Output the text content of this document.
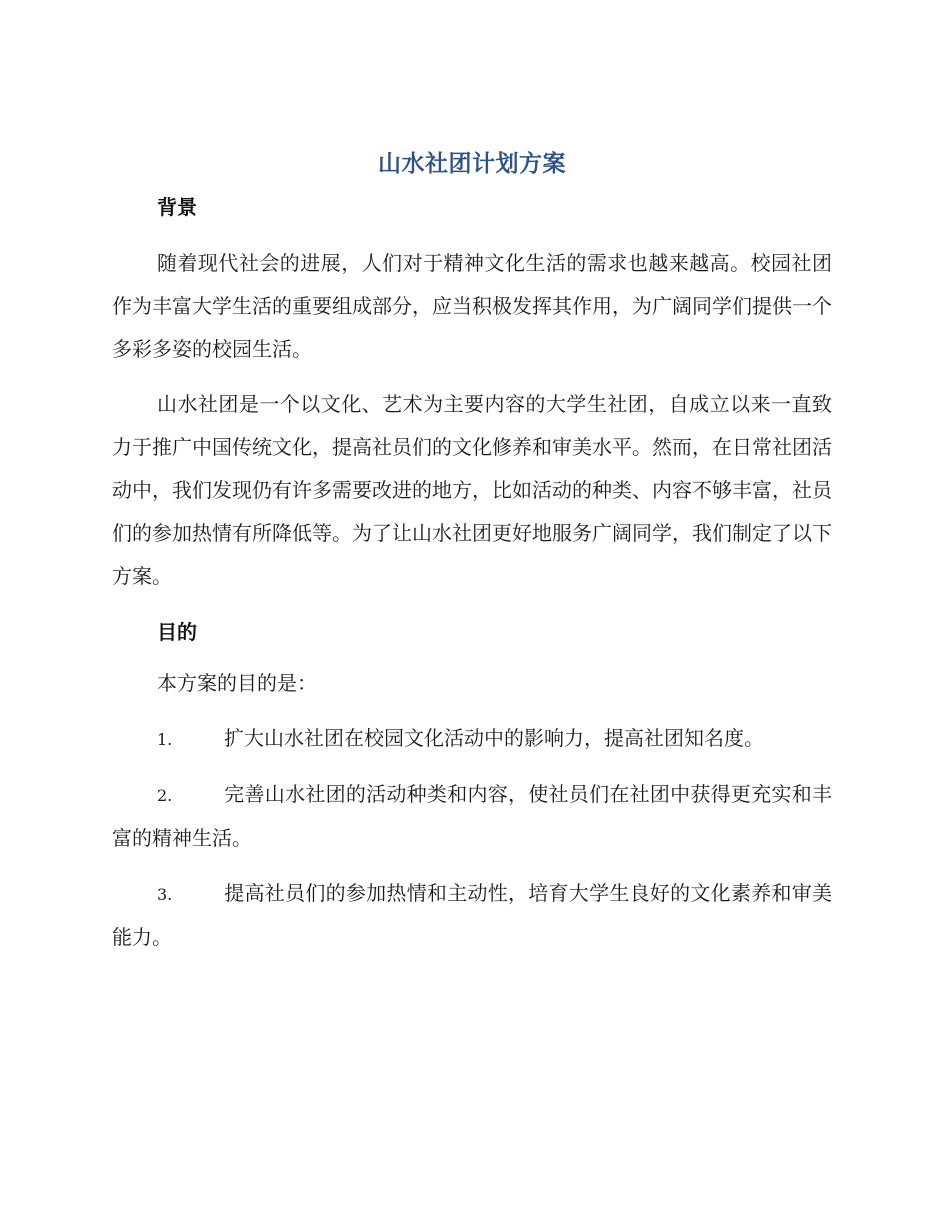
山水社团计划方案
背景

随着现代社会的进展，人们对于精神文化生活的需求也越来越高。校园社团作为丰富大学生活的重要组成部分，应当积极发挥其作用，为广阔同学们提供一个多彩多姿的校园生活。

山水社团是一个以文化、艺术为主要内容的大学生社团，自成立以来一直致力于推广中国传统文化，提高社员们的文化修养和审美水平。然而，在日常社团活动中，我们发现仍有许多需要改进的地方，比如活动的种类、内容不够丰富，社员们的参加热情有所降低等。为了让山水社团更好地服务广阔同学，我们制定了以下方案。

目的

本方案的目的是：

1.	扩大山水社团在校园文化活动中的影响力，提高社团知名度。
2.	完善山水社团的活动种类和内容，使社员们在社团中获得更充实和丰富的精神生活。
3.	提高社员们的参加热情和主动性，培育大学生良好的文化素养和审美能力。
